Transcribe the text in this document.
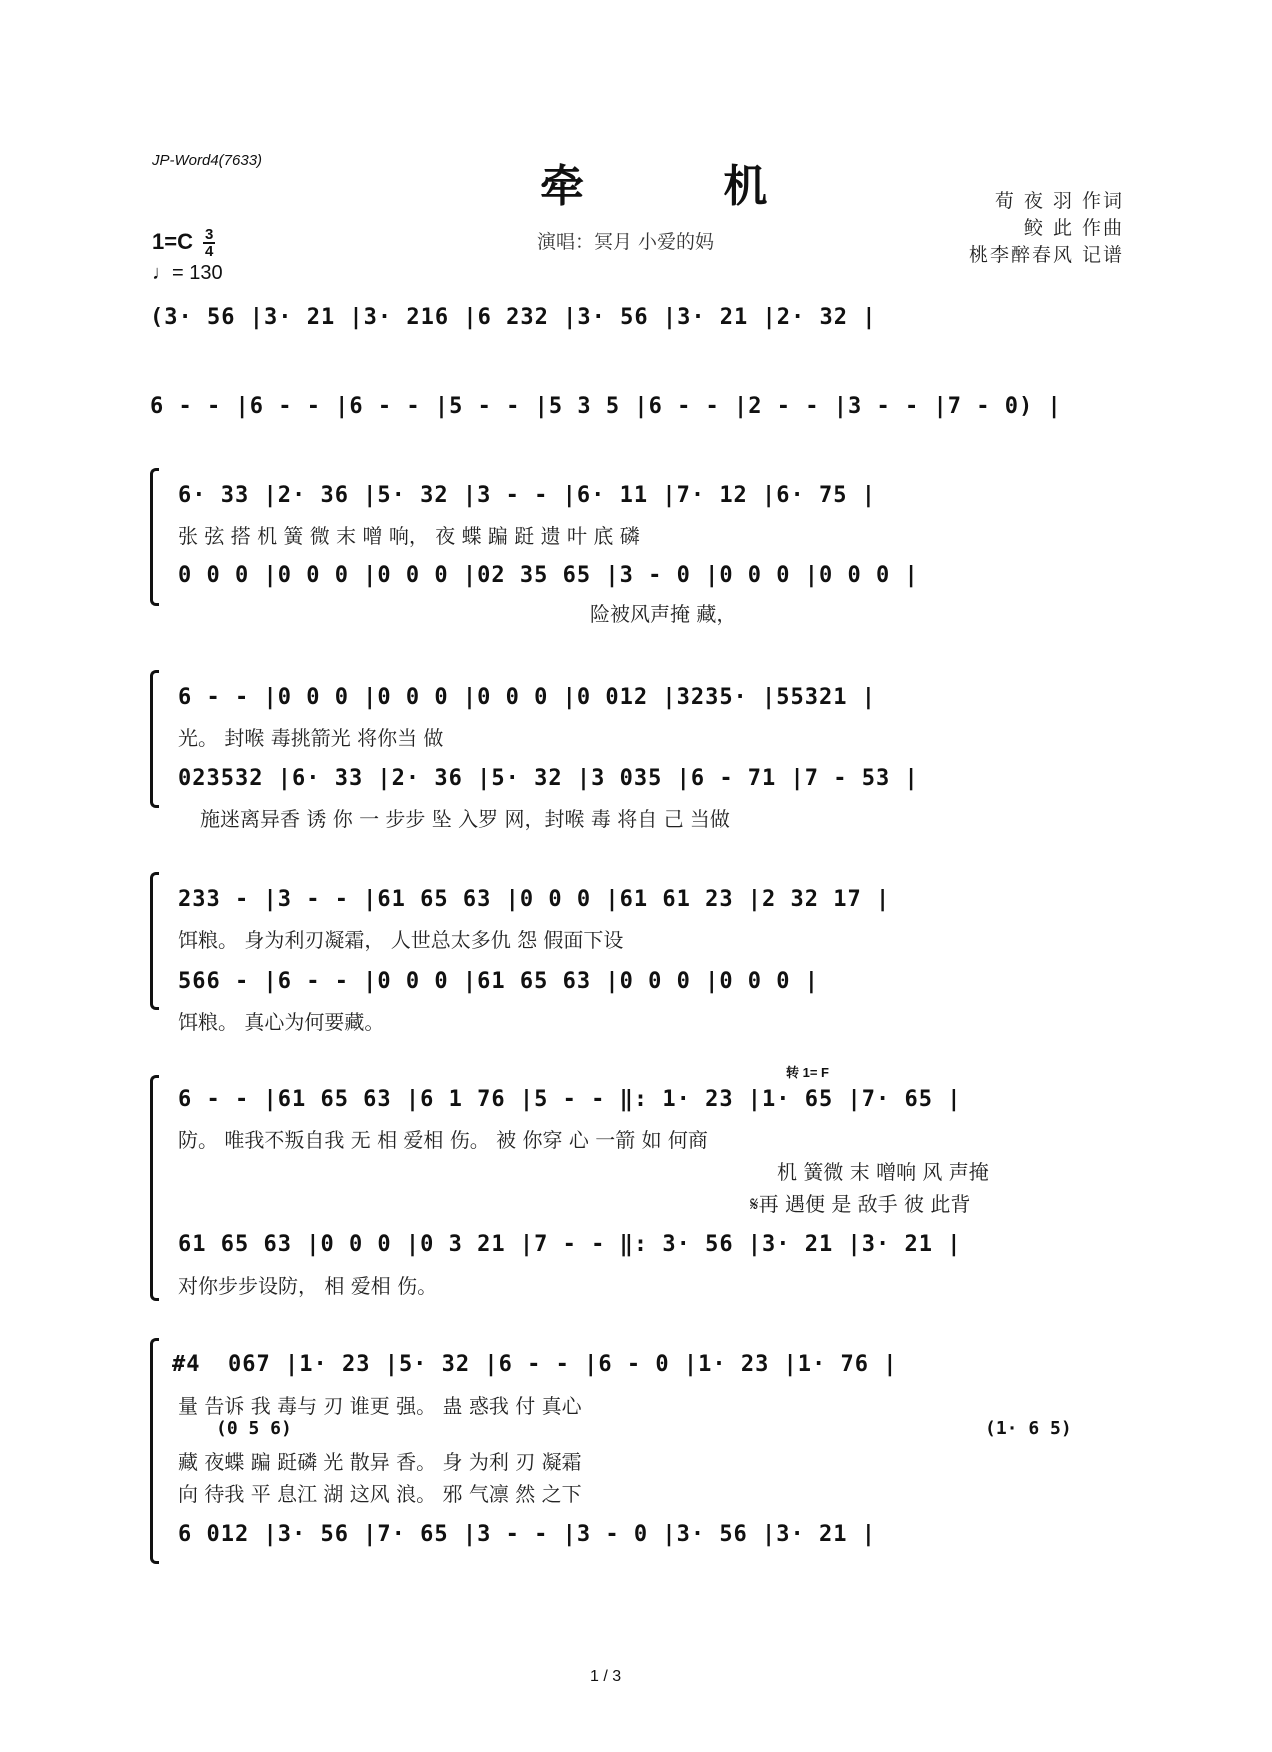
JP-Word4(7633)
牵 机
演唱：冥月 小爱的妈
荀 夜 羽 作词
鲛 此 作曲
桃李醉春风 记谱
$1=C \frac{3}{4}$
♩= 130
(3· 56 |3· 21 |3· 216 |6 232 |3· 56 |3· 21 |2· 32 |
6 - - |6 - - |6 - - |5 - - |5 3 5 |6 - - |2 - - |3 - - |7 - 0) |
6· 33 |2· 36 |5· 32 |3 - - |6· 11 |7· 12 |6· 75 |
张 弦 搭 机 簧 微 末 噌 响， 夜 蝶 蹁 跹 遗 叶 底 磷
0 0 0 |0 0 0 |0 0 0 |02 35 65 |3 - 0 |0 0 0 |0 0 0 |
险被风声掩 藏，
6 - - |0 0 0 |0 0 0 |0 0 0 |0 012 |3235· |55321 |
光。 封喉 毒挑箭光 将你当 做
023532 |6· 33 |2· 36 |5· 32 |3 035 |6 - 71 |7 - 53 |
施迷离异香 诱 你 一 步步 坠 入罗 网，封喉 毒 将自 己 当做
233 - |3 - - |61 65 63 |0 0 0 |61 61 23 |2 32 17 |
饵粮。 身为利刃凝霜， 人世总太多仇 怨 假面下设
566 - |6 - - |0 0 0 |61 65 63 |0 0 0 |0 0 0 |
饵粮。 真心为何要藏。
转 1= F
6 - - |61 65 63 |6 1 76 |5 - - ‖: 1· 23 |1· 65 |7· 65 |
防。 唯我不叛自我 无 相 爱相 伤。 被 你穿 心 一箭 如 何商
机 簧微 末 噌响 风 声掩
𝄋再 遇便 是 敌手 彼 此背
61 65 63 |0 0 0 |0 3 21 |7 - - ‖: 3· 56 |3· 21 |3· 21 |
对你步步设防， 相 爱相 伤。
#4 067 |1· 23 |5· 32 |6 - - |6 - 0 |1· 23 |1· 76 |
量 告诉 我 毒与 刃 谁更 强。 蛊 惑我 付 真心
(0 5 6)	(1· 6 5)
藏 夜蝶 蹁 跹磷 光 散异 香。 身 为利 刃 凝霜
向 待我 平 息江 湖 这风 浪。 邪 气凛 然 之下
6 012 |3· 56 |7· 65 |3 - - |3 - 0 |3· 56 |3· 21 |
1 / 3
